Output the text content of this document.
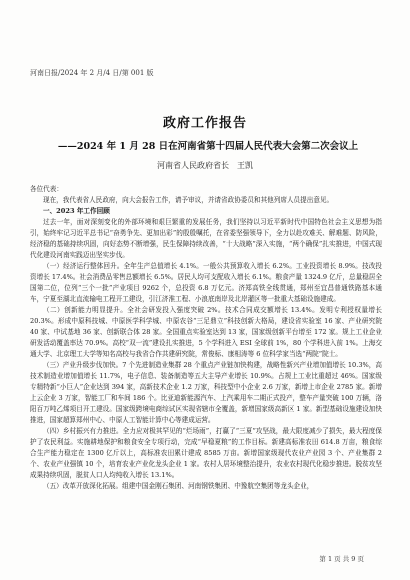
河南日报/2024 年 2 月/4 日/第 001 版
政府工作报告
——2024 年 1 月 28 日在河南省第十四届人民代表大会第二次会议上
河南省人民政府省长　王凯

各位代表：

现在，我代表省人民政府，向大会报告工作，请予审议，并请省政协委员和其他列席人员提出意见。

一、2023 年工作回顾

过去一年，面对深刻变化的外部环境和艰巨繁重的发展任务，我们坚持以习近平新时代中国特色社会主义思想为指引，始终牢记习近平总书记“奋勇争先、更加出彩”的殷殷嘱托，在省委坚强领导下，全力以赴攻难关、解难题、防风险，经济稳的基础持续巩固，向好态势不断增强，民生保障持续改善，“十大战略”深入实施，“两个确保”扎实推进，中国式现代化建设河南实践迈出坚实步伐。

（一）经济运行整体回升。全年生产总值增长 4.1%。一般公共预算收入增长 6.2%。工业投资增长 8.9%。技改投资增长 17.4%。社会消费品零售总额增长 6.5%。居民人均可支配收入增长 6.1%。粮食产量 1324.9 亿斤，总量稳居全国第二位，位列“三个一批”产业项目 9262 个，总投资 6.8 万亿元。济郑高铁全线贯通，郑州至宜昌普通铁路基本通车，宁夏至湖北直流输电工程开工建设，引江济淮工程、小浪底南岸及北岸灌区等一批重大基础设施建成。

（二）创新能力明显提升。全社会研发投入强度突破 2%。技术合同成交额增长 13.4%。发明专利授权量增长 20.3%。形成中原科技城、中原医学科学城、中原农谷“三足鼎立”科技创新大格局，建设省实验室 16 家、产业研究院 40 家、中试基地 36 家、创新联合体 28 家。全国重点实验室达到 13 家，国家级创新平台增至 172 家。规上工业企业研发活动覆盖率达 70.9%。高校“双一流”建设扎实推进，5 个学科进入 ESI 全球前 1%，80 个学科进入前 1%。上海交通大学、北京理工大学等知名高校与我省合作共建研究院，常俊标、康相涛等 6 位科学家当选“两院”院士。

（三）产业升级步伐加快。7 个先进制造业集群 28 个重点产业链加快构建，战略性新兴产业增加值增长 10.3%，高技术制造业增加值增长 11.7%，电子信息、装备制造等五大主导产业增长 10.9%。占规上工业比重超过 46%。国家级专精特新“小巨人”企业达到 394 家，高新技术企业 1.2 万家，科技型中小企业 2.6 万家，新增上市企业 2785 家。新增上云企业 3 万家，智能工厂和车间 186 个。比亚迪新能源汽车、上汽乘用车二期正式投产，整车产量突破 100 万辆，洛阳百万吨乙烯项目开工建设。国家级跨境电商综试区实现省辖市全覆盖，新增国家级高新区 1 家。新型基础设施建设加快推进，国家超算郑州中心、中原人工智能计算中心等建成运营。

（四）乡村振兴有力推进。全力应对极其罕见的“烂场雨”，打赢了“三夏”攻坚战，最大限度减少了损失，最大程度保护了农民利益。实施耕地保护和粮食安全专项行动，完成“早稳夏粮”的工作目标。新建高标准农田 614.8 万亩，粮食综合生产能力稳定在 1300 亿斤以上，高标准农田累计建成 8585 万亩。新增国家级现代农业产业园 3 个、产业集群 2 个、农业产业强镇 10 个，培育农业产业化龙头企业 1 家。农村人居环境整治提升，农业农村现代化稳步推进。脱贫攻坚成果持续巩固，脱贫人口人均纯收入增长 13.1%。

（五）改革开放深化拓展。组建中国金刚石集团、河南钢铁集团、中豫航空集团等龙头企业，

第 1 页 共 9 页
